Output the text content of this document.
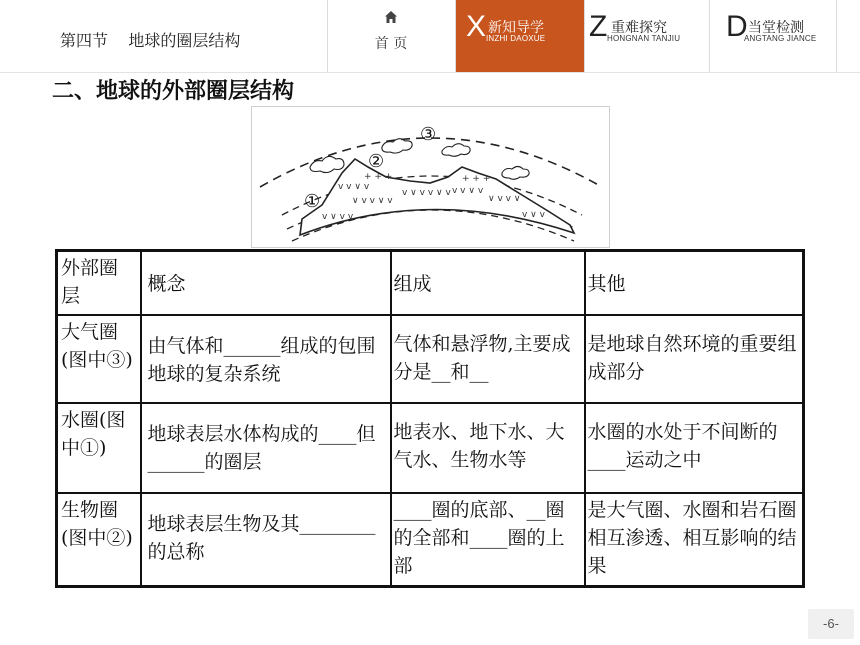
第四节    地球的圈层结构	首 页
X 新知导学
INZHI DAOXUE Z 重难探究
HONGNAN TANJIU D 当堂检测
ANGTANG JIANCE
二、地球的外部圈层结构
v v ∨ v
∨ v v ∨ v
v ∨ v v ∨ v v v ∨ v
∨ v v ∨
v ∨ v v	v ∨ v
+ + +	+ + +
①
②
③
外部圈层	概念	组成	其他

大气圈(图中③)	由气体和______组成的包围地球的复杂系统	气体和悬浮物,主要成分是__和__	是地球自然环境的重要组成部分

水圈(图中①)	地球表层水体构成的____但______的圈层	地表水、地下水、大气水、生物水等	水圈的水处于不间断的____运动之中

生物圈(图中②)	地球表层生物及其________的总称	____圈的底部、__圈的全部和____圈的上部	是大气圈、水圈和岩石圈相互渗透、相互影响的结果
-6-
